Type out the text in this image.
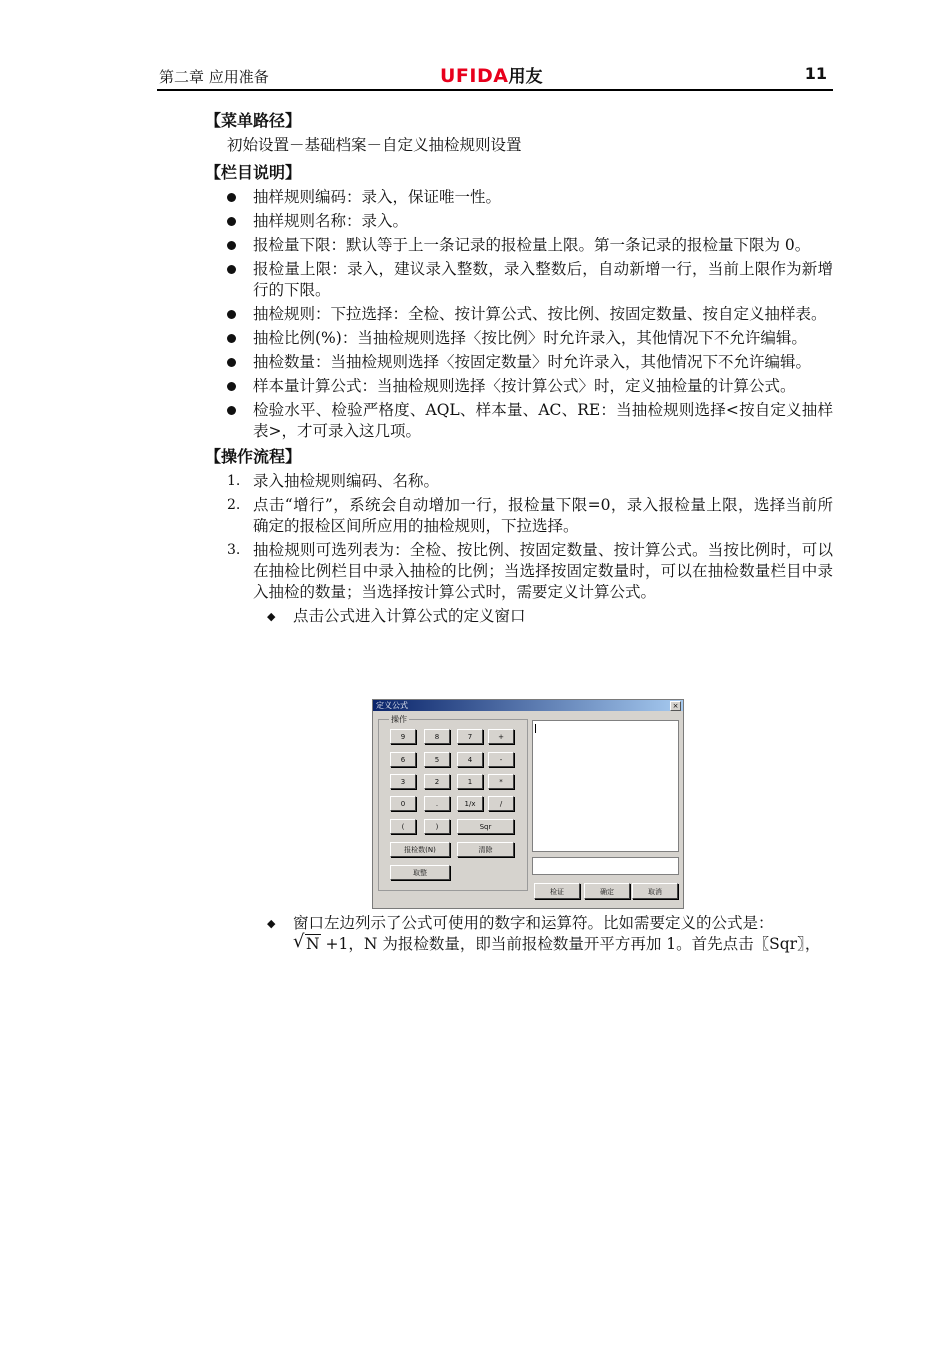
第二章 应用准备	UFIDA用友	11
【菜单路径】
初始设置－基础档案－自定义抽检规则设置
【栏目说明】
抽样规则编码：录入，保证唯一性。
抽样规则名称：录入。
报检量下限：默认等于上一条记录的报检量上限。第一条记录的报检量下限为 0。
报检量上限：录入，建议录入整数，录入整数后，自动新增一行，当前上限作为新增行的下限。
抽检规则：下拉选择：全检、按计算公式、按比例、按固定数量、按自定义抽样表。
抽检比例(%)：当抽检规则选择〈按比例〉时允许录入，其他情况下不允许编辑。
抽检数量：当抽检规则选择〈按固定数量〉时允许录入，其他情况下不允许编辑。
样本量计算公式：当抽检规则选择〈按计算公式〉时，定义抽检量的计算公式。
检验水平、检验严格度、AQL、样本量、AC、RE：当抽检规则选择<按自定义抽样表>，才可录入这几项。
【操作流程】
1. 录入抽检规则编码、名称。
2. 点击“增行”，系统会自动增加一行，报检量下限=0，录入报检量上限，选择当前所确定的报检区间所应用的抽检规则，下拉选择。
3. 抽检规则可选列表为：全检、按比例、按固定数量、按计算公式。当按比例时，可以在抽检比例栏目中录入抽检的比例；当选择按固定数量时，可以在抽检数量栏目中录入抽检的数量；当选择按计算公式时，需要定义计算公式。
◆ 点击公式进入计算公式的定义窗口
定义公式	×
操作
9	8	7	+
6	5	4	-
3	2	1	*
0	.	1/x	/
(	)	Sqr
报检数(N)	清除
取整
检证	确定	取消
◆ 窗口左边列示了公式可使用的数字和运算符。比如需要定义的公式是：

√ N +1，N 为报检数量，即当前报检数量开平方再加 1。首先点击〖Sqr〗，
